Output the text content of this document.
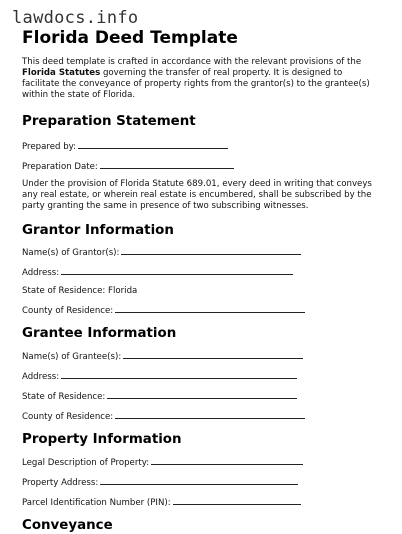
lawdocs.info
Florida Deed Template

This deed template is crafted in accordance with the relevant provisions of the Florida Statutes governing the transfer of real property. It is designed to facilitate the conveyance of property rights from the grantor(s) to the grantee(s) within the state of Florida.

Preparation Statement

Prepared by:

Preparation Date:

Under the provision of Florida Statute 689.01, every deed in writing that conveys any real estate, or wherein real estate is encumbered, shall be subscribed by the party granting the same in presence of two subscribing witnesses.

Grantor Information

Name(s) of Grantor(s):

Address:

State of Residence: Florida

County of Residence:

Grantee Information

Name(s) of Grantee(s):

Address:

State of Residence:

County of Residence:

Property Information

Legal Description of Property:

Property Address:

Parcel Identification Number (PIN):

Conveyance
